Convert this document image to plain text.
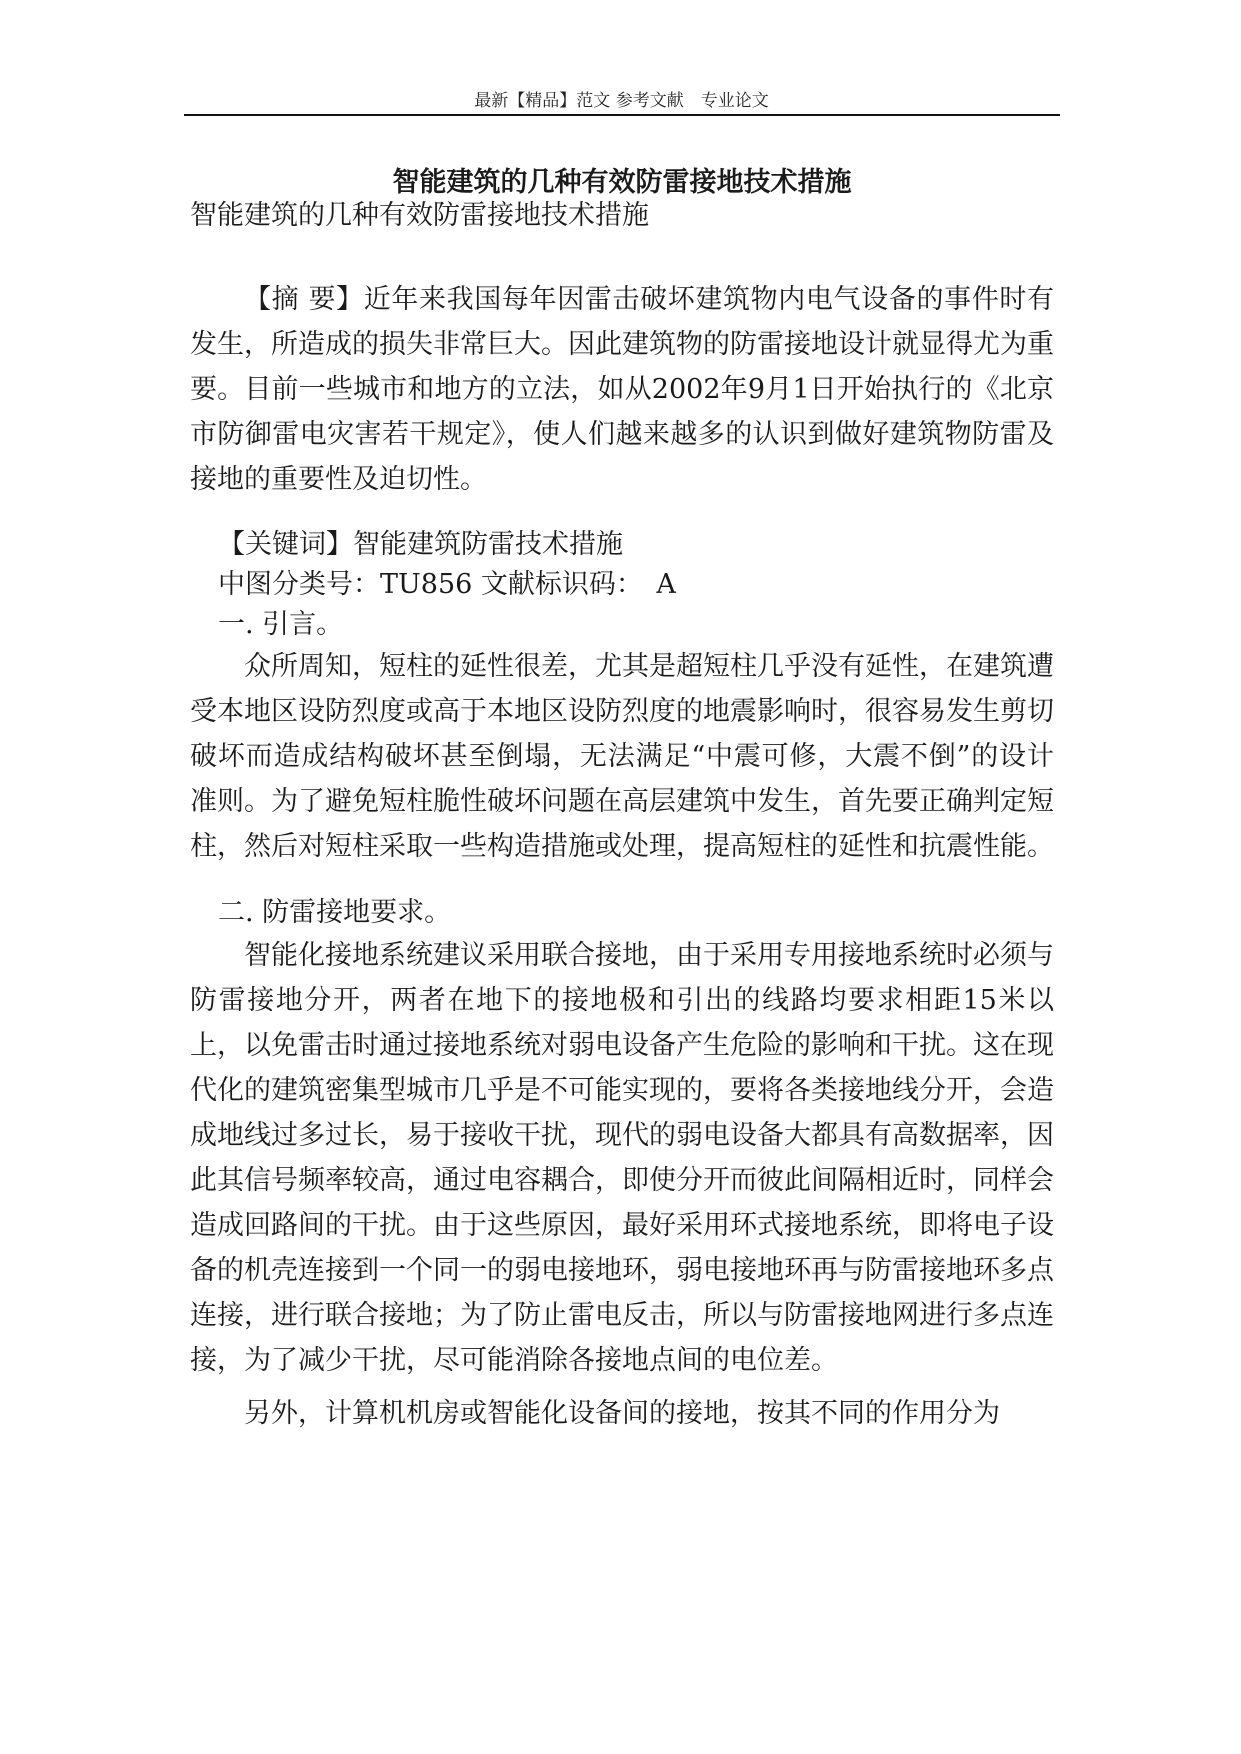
最新【精品】范文 参考文献　专业论文
智能建筑的几种有效防雷接地技术措施
智能建筑的几种有效防雷接地技术措施

【摘 要】近年来我国每年因雷击破坏建筑物内电气设备的事件时有发生，所造成的损失非常巨大。因此建筑物的防雷接地设计就显得尤为重要。目前一些城市和地方的立法，如从2002年9月1日开始执行的《北京市防御雷电灾害若干规定》，使人们越来越多的认识到做好建筑物防雷及接地的重要性及迫切性。

【关键词】智能建筑防雷技术措施
中图分类号：TU856 文献标识码：　A
一. 引言。

众所周知，短柱的延性很差，尤其是超短柱几乎没有延性，在建筑遭受本地区设防烈度或高于本地区设防烈度的地震影响时，很容易发生剪切破坏而造成结构破坏甚至倒塌，无法满足“中震可修，大震不倒”的设计准则。为了避免短柱脆性破坏问题在高层建筑中发生，首先要正确判定短柱，然后对短柱采取一些构造措施或处理，提高短柱的延性和抗震性能。

二. 防雷接地要求。

智能化接地系统建议采用联合接地，由于采用专用接地系统时必须与防雷接地分开，两者在地下的接地极和引出的线路均要求相距15米以上，以免雷击时通过接地系统对弱电设备产生危险的影响和干扰。这在现代化的建筑密集型城市几乎是不可能实现的，要将各类接地线分开，会造成地线过多过长，易于接收干扰，现代的弱电设备大都具有高数据率，因此其信号频率较高，通过电容耦合，即使分开而彼此间隔相近时，同样会造成回路间的干扰。由于这些原因，最好采用环式接地系统，即将电子设备的机壳连接到一个同一的弱电接地环，弱电接地环再与防雷接地环多点连接，进行联合接地；为了防止雷电反击，所以与防雷接地网进行多点连接，为了减少干扰，尽可能消除各接地点间的电位差。

另外，计算机机房或智能化设备间的接地，按其不同的作用分为
